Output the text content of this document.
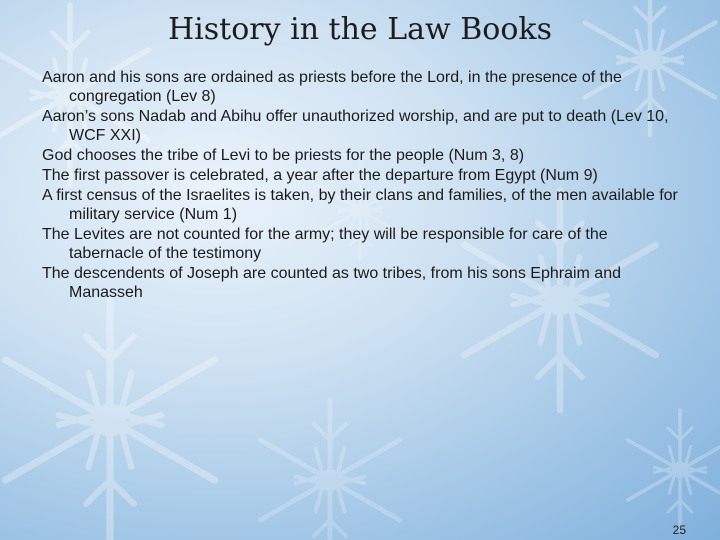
History in the Law Books
Aaron and his sons are ordained as priests before the Lord, in the presence of the congregation (Lev 8)
Aaron’s sons Nadab and Abihu offer unauthorized worship, and are put to death (Lev 10, WCF XXI)
God chooses the tribe of Levi to be priests for the people (Num 3, 8)
The first passover is celebrated, a year after the departure from Egypt (Num 9)
A first census of the Israelites is taken, by their clans and families, of the men available for military service (Num 1)
The Levites are not counted for the army; they will be responsible for care of the tabernacle of the testimony
The descendents of Joseph are counted as two tribes, from his sons Ephraim and Manasseh
25
